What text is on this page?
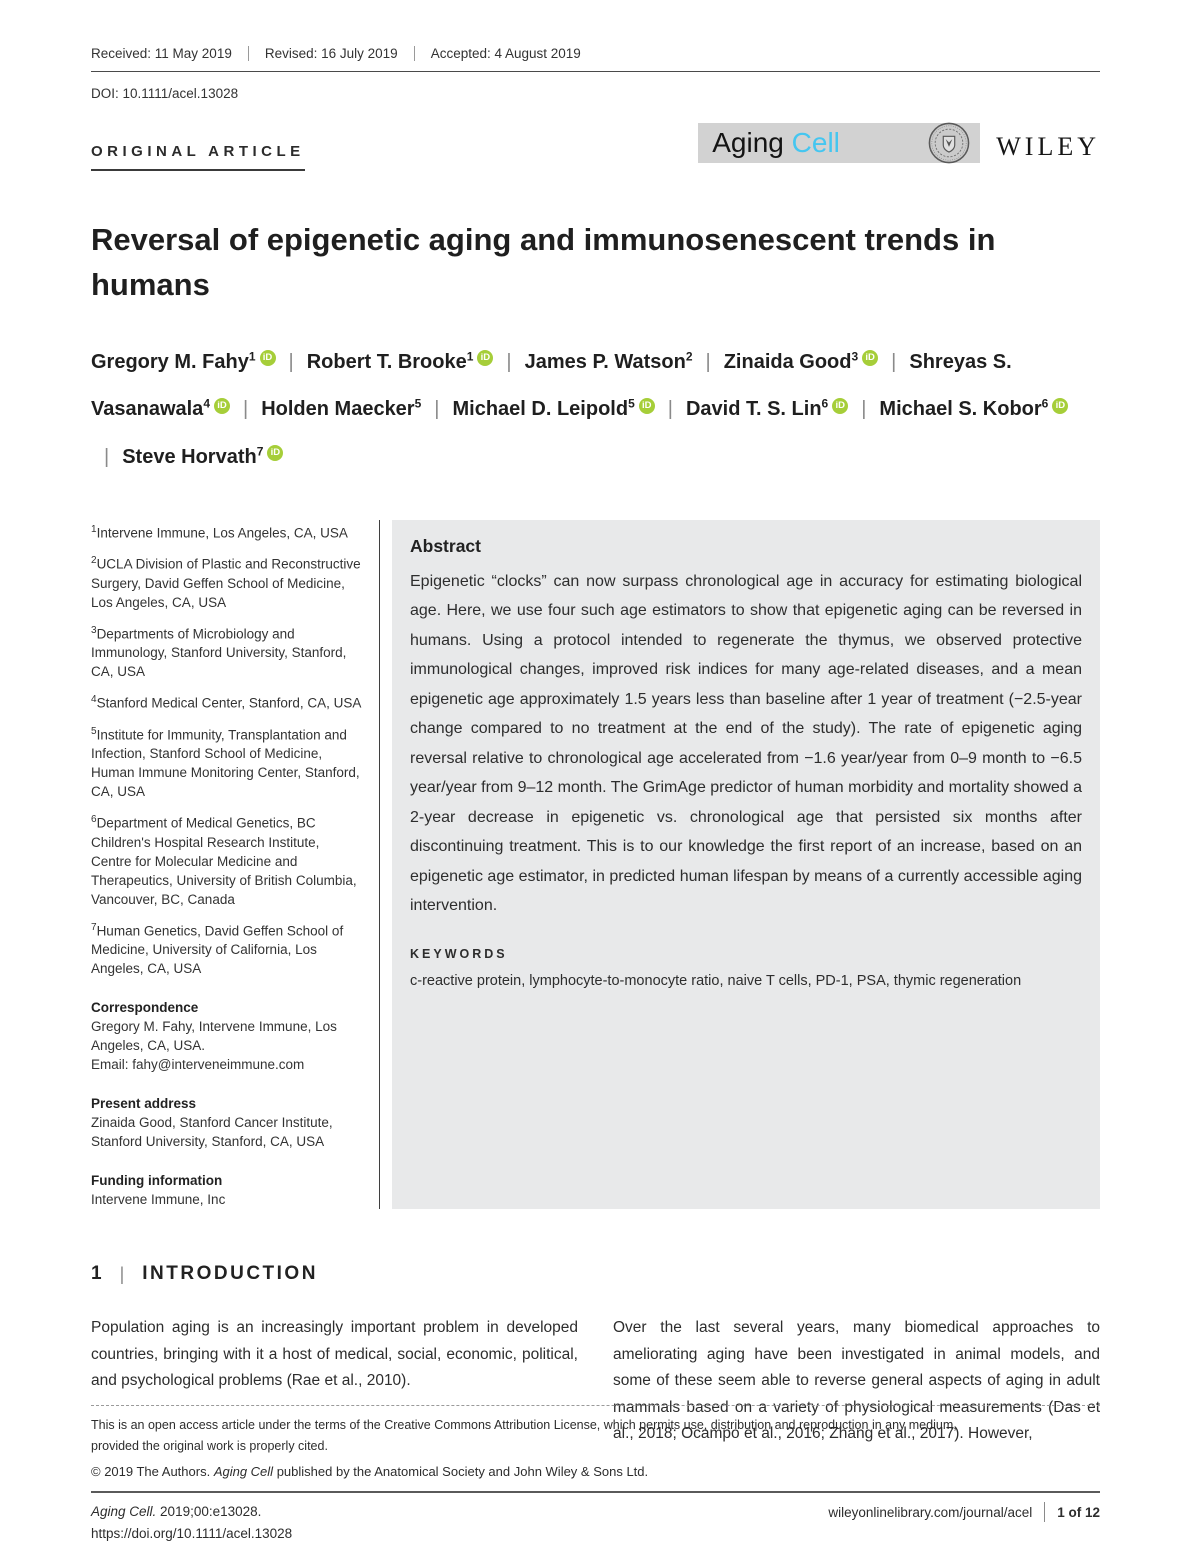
Received: 11 May 2019	Revised: 16 July 2019	Accepted: 4 August 2019
DOI: 10.1111/acel.13028
ORIGINAL ARTICLE	Aging Cell	WILEY
Reversal of epigenetic aging and immunosenescent trends in humans
Gregory M. Fahy$^1$ iD | Robert T. Brooke$^1$ iD | James P. Watson$^2$ | Zinaida Good$^3$ iD | Shreyas S. Vasanawala$^4$ iD | Holden Maecker$^5$ | Michael D. Leipold$^5$ iD | David T. S. Lin$^6$ iD | Michael S. Kobor$^6$ iD| Steve Horvath$^7$ iD

$^1$Intervene Immune, Los Angeles, CA, USA

$^2$UCLA Division of Plastic and Reconstructive Surgery, David Geffen School of Medicine, Los Angeles, CA, USA

$^3$Departments of Microbiology and Immunology, Stanford University, Stanford, CA, USA

$^4$Stanford Medical Center, Stanford, CA, USA

$^5$Institute for Immunity, Transplantation and Infection, Stanford School of Medicine, Human Immune Monitoring Center, Stanford, CA, USA

$^6$Department of Medical Genetics, BC Children's Hospital Research Institute, Centre for Molecular Medicine and Therapeutics, University of British Columbia, Vancouver, BC, Canada

$^7$Human Genetics, David Geffen School of Medicine, University of California, Los Angeles, CA, USA

Correspondence

Gregory M. Fahy, Intervene Immune, Los Angeles, CA, USA.

Email: fahy@interveneimmune.com

Present address

Zinaida Good, Stanford Cancer Institute, Stanford University, Stanford, CA, USA

Funding information

Intervene Immune, Inc

Abstract

Epigenetic “clocks” can now surpass chronological age in accuracy for estimating biological age. Here, we use four such age estimators to show that epigenetic aging can be reversed in humans. Using a protocol intended to regenerate the thymus, we observed protective immunological changes, improved risk indices for many age-related diseases, and a mean epigenetic age approximately 1.5 years less than baseline after 1 year of treatment (−2.5-year change compared to no treatment at the end of the study). The rate of epigenetic aging reversal relative to chronological age accelerated from −1.6 year/year from 0–9 month to −6.5 year/year from 9–12 month. The GrimAge predictor of human morbidity and mortality showed a 2-year decrease in epigenetic vs. chronological age that persisted six months after discontinuing treatment. This is to our knowledge the first report of an increase, based on an epigenetic age estimator, in predicted human lifespan by means of a currently accessible aging intervention.

KEYWORDS
c-reactive protein, lymphocyte-to-monocyte ratio, naive T cells, PD-1, PSA, thymic regeneration
1 | INTRODUCTION
Population aging is an increasingly important problem in developed countries, bringing with it a host of medical, social, economic, political, and psychological problems (Rae et al., 2010).
Over the last several years, many biomedical approaches to ameliorating aging have been investigated in animal models, and some of these seem able to reverse general aspects of aging in adult mammals based on a variety of physiological measurements (Das et al., 2018; Ocampo et al., 2016; Zhang et al., 2017). However,
This is an open access article under the terms of the Creative Commons Attribution License, which permits use, distribution and reproduction in any medium,
provided the original work is properly cited.
© 2019 The Authors. Aging Cell published by the Anatomical Society and John Wiley & Sons Ltd.
Aging Cell. 2019;00:e13028.
https://doi.org/10.1111/acel.13028
wileyonlinelibrary.com/journal/acel 1 of 12
